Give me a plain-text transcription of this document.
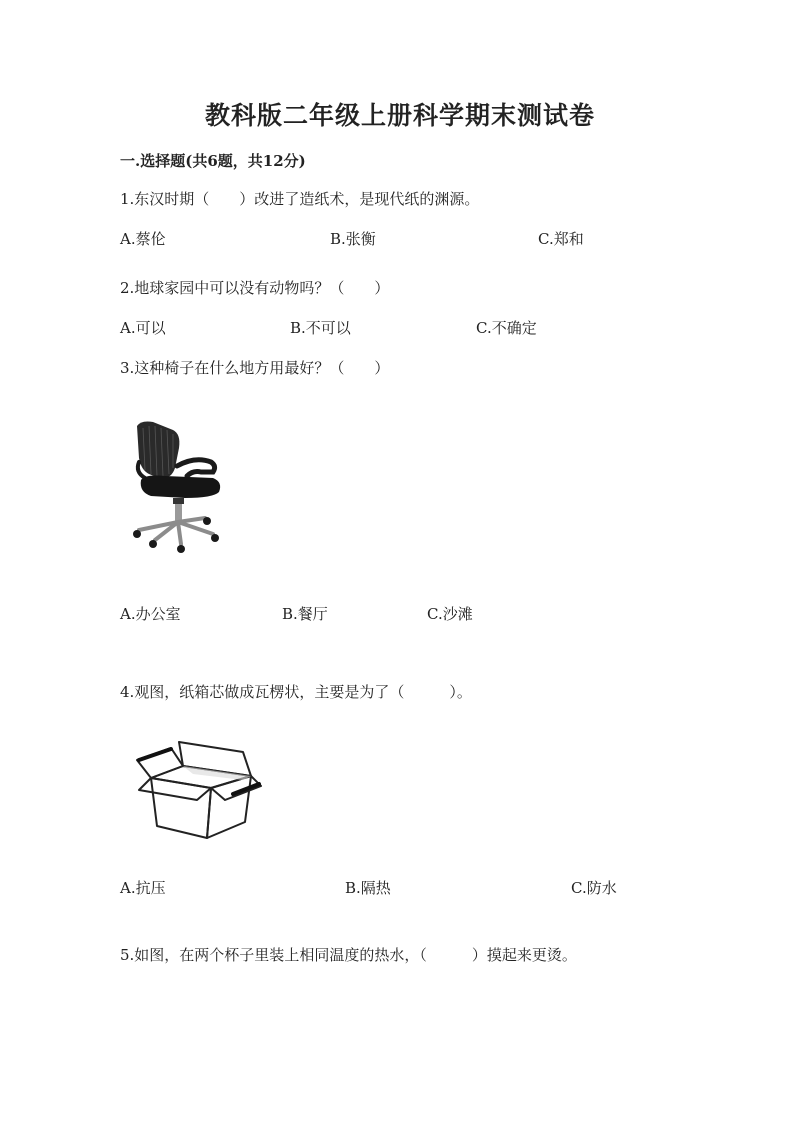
教科版二年级上册科学期末测试卷
一.选择题(共6题，共12分)
1.东汉时期（　　）改进了造纸术，是现代纸的渊源。
A.蔡伦	B.张衡	C.郑和
2.地球家园中可以没有动物吗？（　　）
A.可以	B.不可以	C.不确定
3.这种椅子在什么地方用最好？（　　）
A.办公室	B.餐厅	C.沙滩
4.观图，纸箱芯做成瓦楞状，主要是为了（　　　）。
A.抗压	B.隔热	C.防水
5.如图，在两个杯子里装上相同温度的热水，（　　　）摸起来更烫。
